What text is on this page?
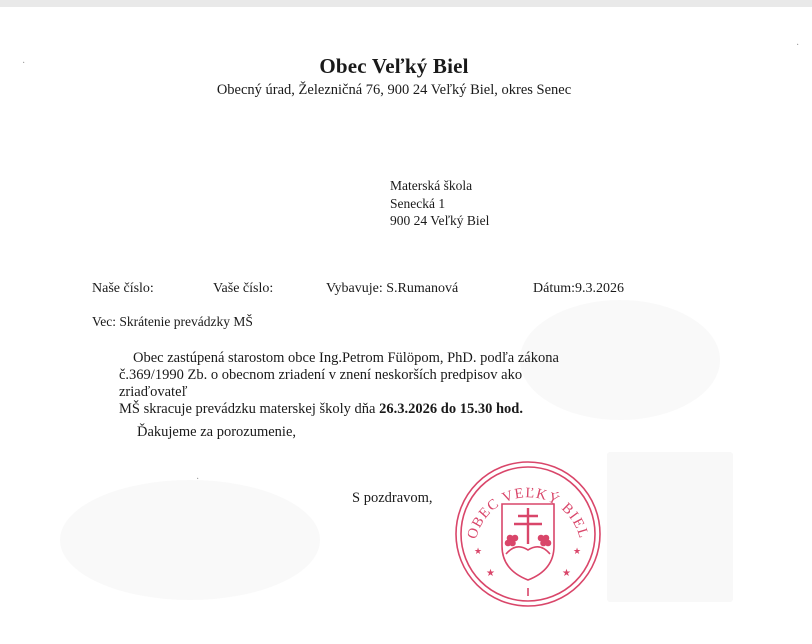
·
·
·
Obec Veľký Biel
Obecný úrad, Železničná 76, 900 24 Veľký Biel, okres Senec
Materská škola
Senecká 1
900 24 Veľký Biel
Naše číslo:	Vaše číslo:	Vybavuje: S.Rumanová	Dátum:9.3.2026
Vec: Skrátenie prevádzky MŠ
Obec zastúpená starostom obce Ing.Petrom Fülöpom, PhD. podľa zákona
č.369/1990 Zb. o obecnom zriadení v znení neskorších predpisov ako zriaďovateľ
MŠ skracuje prevádzku materskej školy dňa 26.3.2026 do 15.30 hod.
Ďakujeme za porozumenie,
S pozdravom,
OBEC VEĽKÝ BIEL
★	★
★	★
